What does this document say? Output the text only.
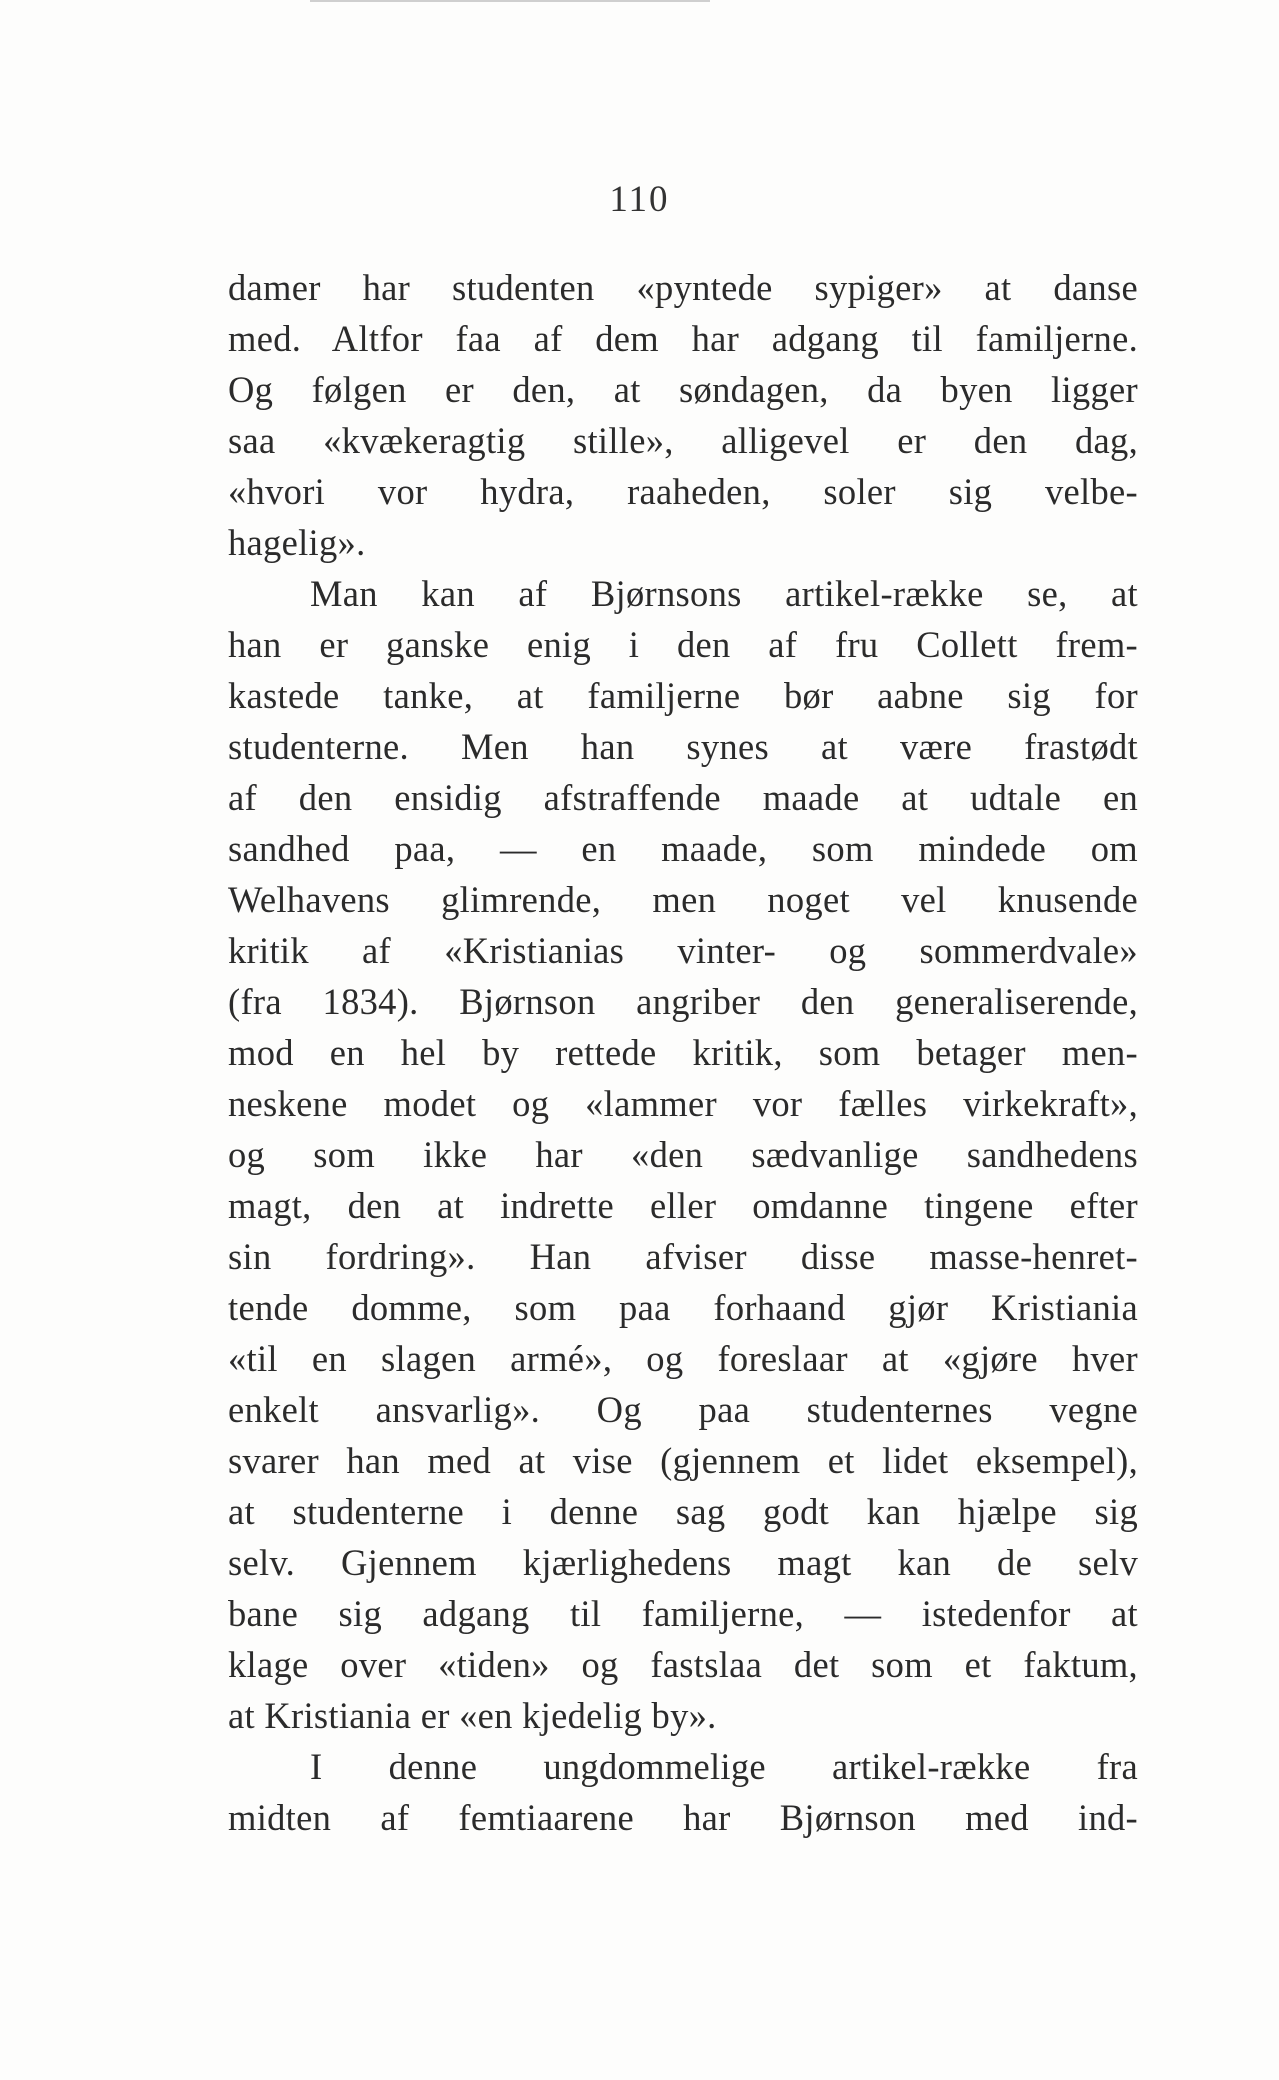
110
damer har studenten «pyntede sypiger» at danse
med. Altfor faa af dem har adgang til familjerne.
Og følgen er den, at søndagen, da byen ligger
saa «kvækeragtig stille», alligevel er den dag,
«hvori vor hydra, raaheden, soler sig velbe-
hagelig».
Man kan af Bjørnsons artikel-række se, at
han er ganske enig i den af fru Collett frem-
kastede tanke, at familjerne bør aabne sig for
studenterne. Men han synes at være frastødt
af den ensidig afstraffende maade at udtale en
sandhed paa, — en maade, som mindede om
Welhavens glimrende, men noget vel knusende
kritik af «Kristianias vinter- og sommerdvale»
(fra 1834). Bjørnson angriber den generaliserende,
mod en hel by rettede kritik, som betager men-
neskene modet og «lammer vor fælles virkekraft»,
og som ikke har «den sædvanlige sandhedens
magt, den at indrette eller omdanne tingene efter
sin fordring». Han afviser disse masse-henret-
tende domme, som paa forhaand gjør Kristiania
«til en slagen armé», og foreslaar at «gjøre hver
enkelt ansvarlig». Og paa studenternes vegne
svarer han med at vise (gjennem et lidet eksempel),
at studenterne i denne sag godt kan hjælpe sig
selv. Gjennem kjærlighedens magt kan de selv
bane sig adgang til familjerne, — istedenfor at
klage over «tiden» og fastslaa det som et faktum,
at Kristiania er «en kjedelig by».
I denne ungdommelige artikel-række fra
midten af femtiaarene har Bjørnson med ind-
